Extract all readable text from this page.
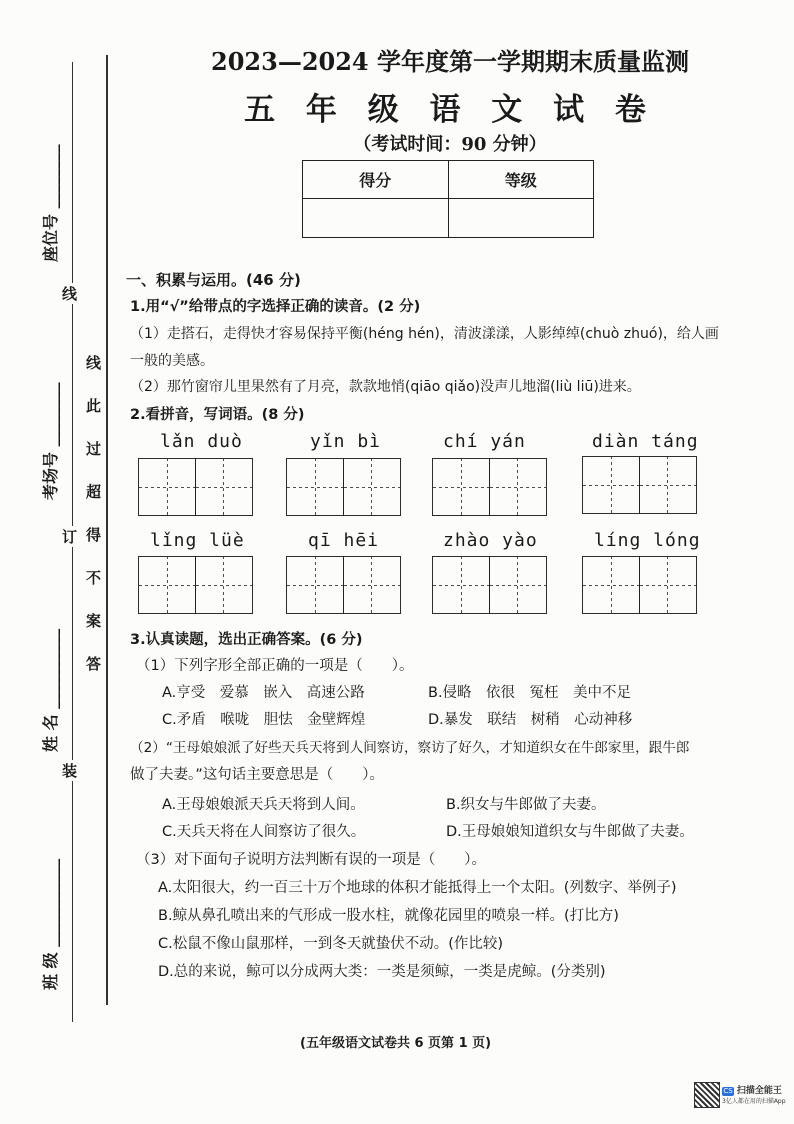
座位号 ________
考场号 ________
姓 名 __________
班 级 ___________
线
订
装
线此过超得不案答
2023—2024 学年度第一学期期末质量监测
五 年 级 语 文 试 卷
（考试时间：90 分钟）
得分	等级

一、积累与运用。(46 分)
1.用“√”给带点的字选择正确的读音。(2 分)
（1）走搭石，走得快才容易保持平衡(héng hén)，清波漾漾，人影绰绰(chuò zhuó)，给人画
一般的美感。
（2）那竹窗帘儿里果然有了月亮，款款地悄(qiāo qiǎo)没声儿地溜(liù liū)进来。
2.看拼音，写词语。(8 分)
lǎn duò	yǐn bì	chí yán	diàn táng
lǐng lüè	qī hēi	zhào yào	líng lóng
3.认真读题，选出正确答案。(6 分)
（1）下列字形全部正确的一项是（　　）。
A.亨受　爱慕　嵌入　高速公路	B.侵略　依很　冤枉　美中不足
C.矛盾　喉咙　胆怯　金壁辉煌	D.暴发　联结　树稍　心动神移
（2）“王母娘娘派了好些天兵天将到人间察访，察访了好久，才知道织女在牛郎家里，跟牛郎
做了夫妻。”这句话主要意思是（　　）。
A.王母娘娘派天兵天将到人间。	B.织女与牛郎做了夫妻。
C.天兵天将在人间察访了很久。	D.王母娘娘知道织女与牛郎做了夫妻。
（3）对下面句子说明方法判断有误的一项是（　　）。
A.太阳很大，约一百三十万个地球的体积才能抵得上一个太阳。(列数字、举例子)
B.鲸从鼻孔喷出来的气形成一股水柱，就像花园里的喷泉一样。(打比方)
C.松鼠不像山鼠那样，一到冬天就蛰伏不动。(作比较)
D.总的来说，鲸可以分成两大类：一类是须鲸，一类是虎鲸。(分类别)
(五年级语文试卷共 6 页第 1 页)
CS 扫描全能王
3亿人都在用的扫描App
